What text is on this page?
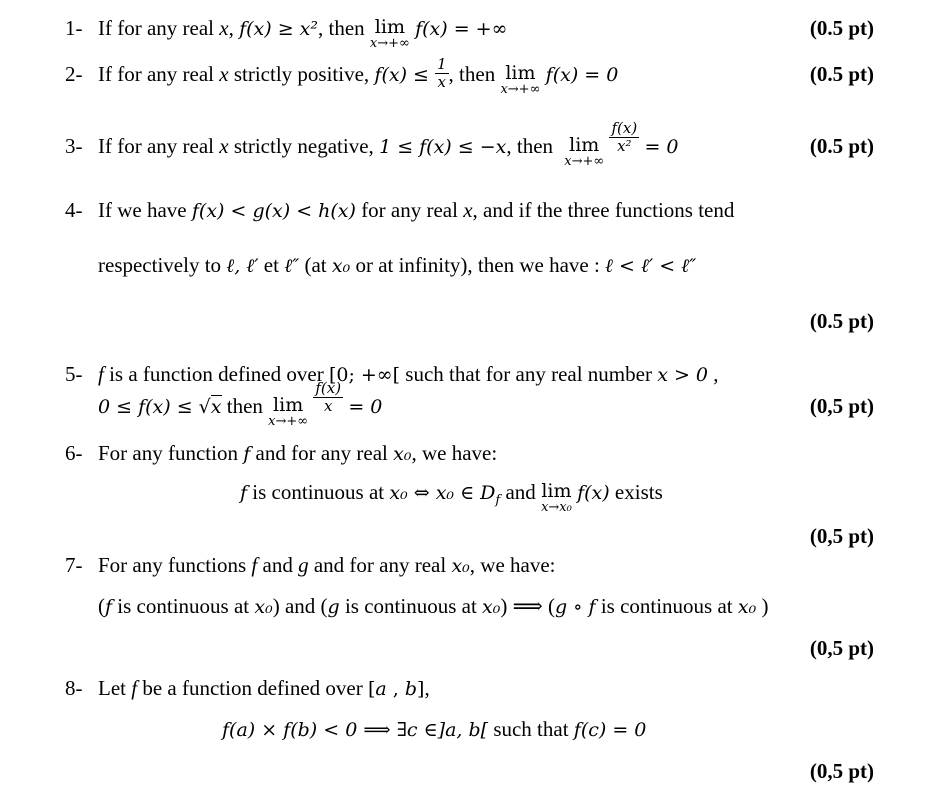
1- If for any real x, f(x) ≥ x², then lim
x→+∞
f(x) = +∞	(0.5 pt)
2- If for any real x strictly positive, $f(x) \le \frac{1}{x}$ , then lim
x→+∞
f(x) = 0	(0.5 pt)
3- If for any real x strictly negative, 1 ≤ f(x) ≤ −x, then lim
x→+∞

$\frac{f(x)}{\text{x²}} = 0$	(0.5 pt)
4- If we have f(x) < g(x) < h(x) for any real x, and if the three functions tend
respectively to ℓ, ℓ′ et ℓ″ (at x₀ or at infinity), then we have : ℓ < ℓ′ < ℓ″
(0.5 pt)
5- f is a function defined over [0; +∞[ such that for any real number x > 0 ,
0 ≤ f(x) ≤ √x then lim
x→+∞

$\frac{f(x)}{x} = 0$	(0,5 pt)
6- For any function f and for any real x₀, we have:
f is continuous at x₀ ⇔ x₀ ∈ $D_f$ and lim
x→x₀
f(x) exists
(0,5 pt)
7- For any functions f and g and for any real x₀, we have:
(f is continuous at x₀) and (g is continuous at x₀) ⟹ (g ∘ f is continuous at x₀ )
(0,5 pt)
8- Let f be a function defined over [a , b],
f(a) × f(b) < 0 ⟹ ∃c ∈]a, b[ such that f(c) = 0
(0,5 pt)
